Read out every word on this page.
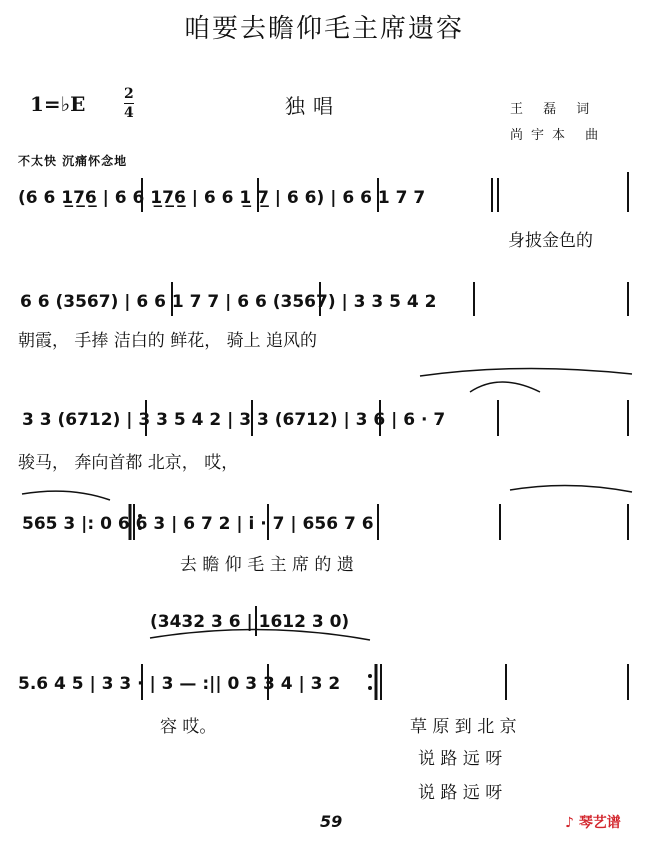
咱要去瞻仰毛主席遗容
1=♭E	2
4	独唱	王 磊 词
尚宇本 曲
不太快 沉痛怀念地
(6 6 1̲7̲6̲ | 6 6 1̲7̲6̲ | 6 6 1̲ 7̲ | 6 6) | 6 6 1 7 7
身披金色的
6 6 (3567) | 6 6 1 7 7 | 6 6 (3567) | 3 3 5 4 2
朝霞， 手捧 洁白的 鲜花， 骑上 追风的
3 3 (6712) | 3 3 5 4 2 | 3 3 (6712) | 3 6 | 6 · 7
骏马， 奔向首都 北京， 哎，
565 3 |: 0 6 6 3 | 6 7 2 | i · 7 | 656 7 6
去 瞻 仰 毛 主 席 的 遗
(3432 3 6 | 1612 3 0)
5.6 4 5 | 3 3 · | 3 — :|| 0 3 3 4 | 3 2
容 哎。	草 原 到 北 京
说 路 远 呀
说 路 远 呀
59	♪ 琴艺谱
